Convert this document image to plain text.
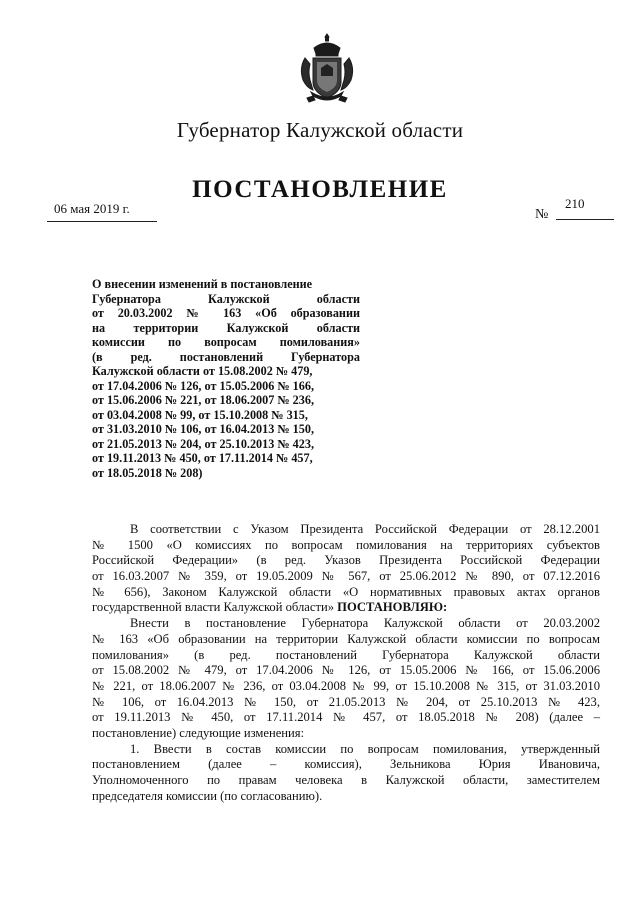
Губернатор Калужской области
ПОСТАНОВЛЕНИЕ
06 мая 2019 г.	№
210
О внесении изменений в постановление
Губернатора Калужской области
от 20.03.2002 № 163 «Об образовании
на территории Калужской области
комиссии по вопросам помилования»
(в ред. постановлений Губернатора
Калужской области от 15.08.2002 № 479,
от 17.04.2006 № 126, от 15.05.2006 № 166,
от 15.06.2006 № 221, от 18.06.2007 № 236,
от 03.04.2008 № 99, от 15.10.2008 № 315,
от 31.03.2010 № 106, от 16.04.2013 № 150,
от 21.05.2013 № 204, от 25.10.2013 № 423,
от 19.11.2013 № 450, от 17.11.2014 № 457,
от 18.05.2018 № 208)
В соответствии с Указом Президента Российской Федерации от 28.12.2001
№ 1500 «О комиссиях по вопросам помилования на территориях субъектов
Российской Федерации» (в ред. Указов Президента Российской Федерации
от 16.03.2007 № 359, от 19.05.2009 № 567, от 25.06.2012 № 890, от 07.12.2016
№ 656), Законом Калужской области «О нормативных правовых актах органов
государственной власти Калужской области» ПОСТАНОВЛЯЮ:
Внести в постановление Губернатора Калужской области от 20.03.2002
№ 163 «Об образовании на территории Калужской области комиссии по вопросам
помилования» (в ред. постановлений Губернатора Калужской области
от 15.08.2002 № 479, от 17.04.2006 № 126, от 15.05.2006 № 166, от 15.06.2006
№ 221, от 18.06.2007 № 236, от 03.04.2008 № 99, от 15.10.2008 № 315, от 31.03.2010
№ 106, от 16.04.2013 № 150, от 21.05.2013 № 204, от 25.10.2013 № 423,
от 19.11.2013 № 450, от 17.11.2014 № 457, от 18.05.2018 № 208) (далее –
постановление) следующие изменения:
1. Ввести в состав комиссии по вопросам помилования, утвержденный
постановлением (далее – комиссия), Зельникова Юрия Ивановича,
Уполномоченного по правам человека в Калужской области, заместителем
председателя комиссии (по согласованию).
